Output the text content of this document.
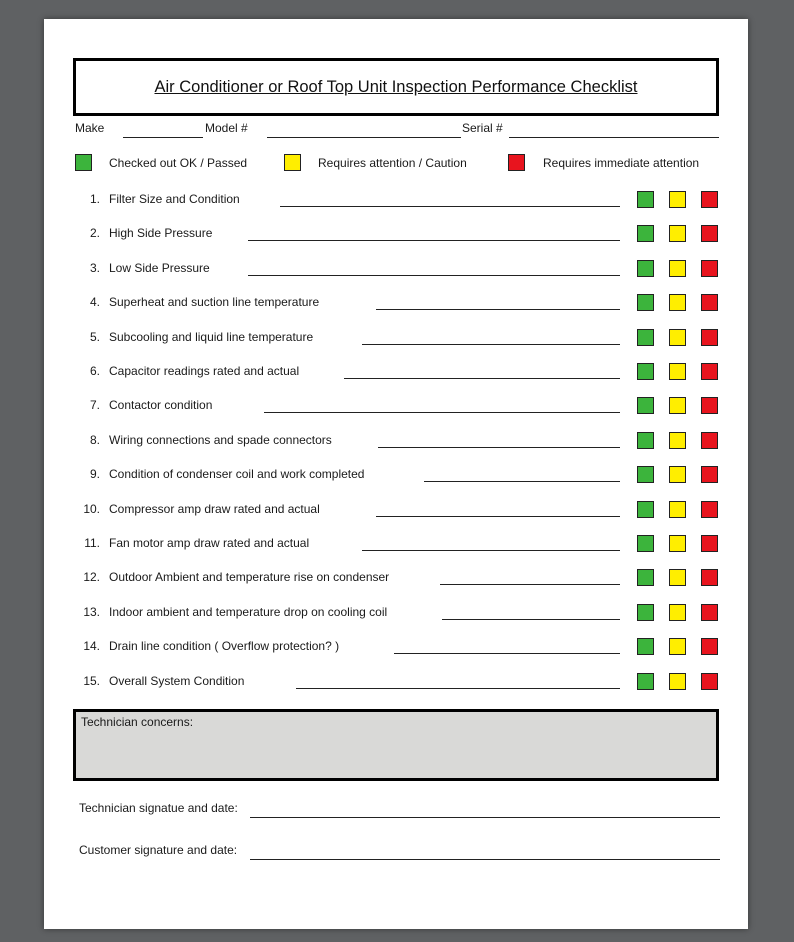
Air Conditioner or Roof Top Unit Inspection Performance Checklist
Make	Model #	Serial #
Checked out OK / Passed	Requires attention / Caution	Requires immediate attention
1. Filter Size and Condition
2. High Side Pressure
3. Low Side Pressure
4. Superheat and suction line temperature
5. Subcooling and liquid line temperature
6. Capacitor readings rated and actual
7. Contactor condition
8. Wiring connections and spade connectors
9. Condition of condenser coil and work completed
10. Compressor amp draw rated and actual
11. Fan motor amp draw rated and actual
12. Outdoor Ambient and temperature rise on condenser
13. Indoor ambient and temperature drop on cooling coil
14. Drain line condition ( Overflow protection? )
15. Overall System Condition
Technician concerns:
Technician signatue and date:
Customer signature and date:
